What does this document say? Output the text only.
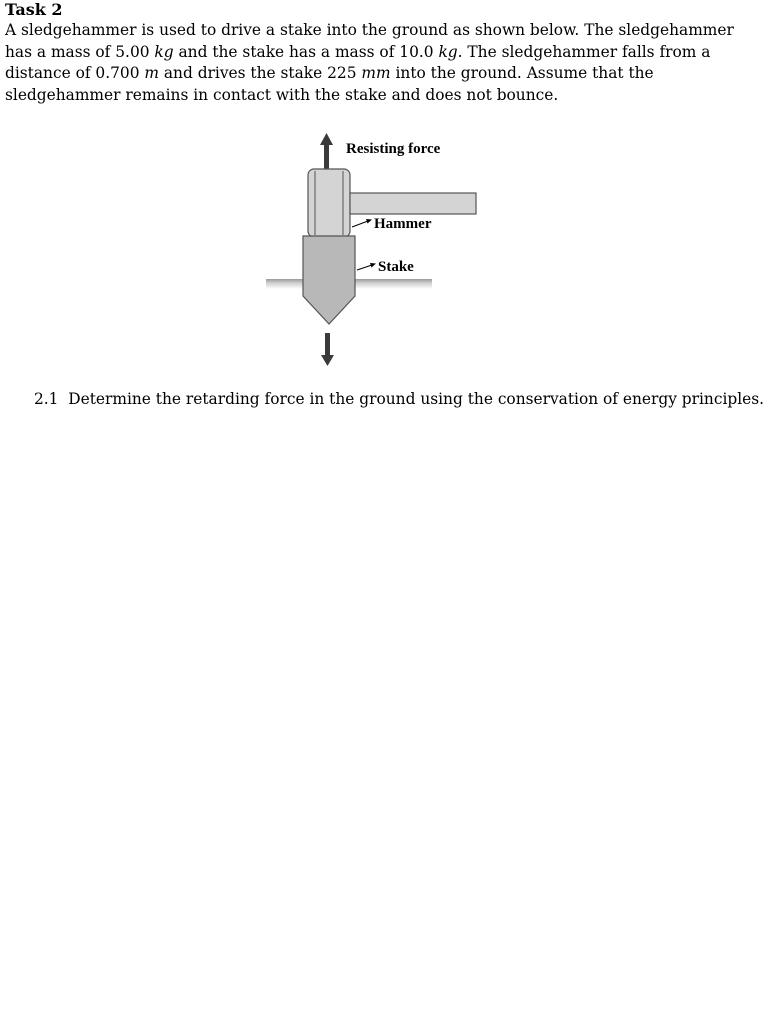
Task 2

A sledgehammer is used to drive a stake into the ground as shown below. The sledgehammer has a mass of 5.00 kg and the stake has a mass of 10.0 kg. The sledgehammer falls from a distance of 0.700 m and drives the stake 225 mm into the ground. Assume that the sledgehammer remains in contact with the stake and does not bounce.

Resisting force
Hammer
Stake

2.1 Determine the retarding force in the ground using the conservation of energy principles.
